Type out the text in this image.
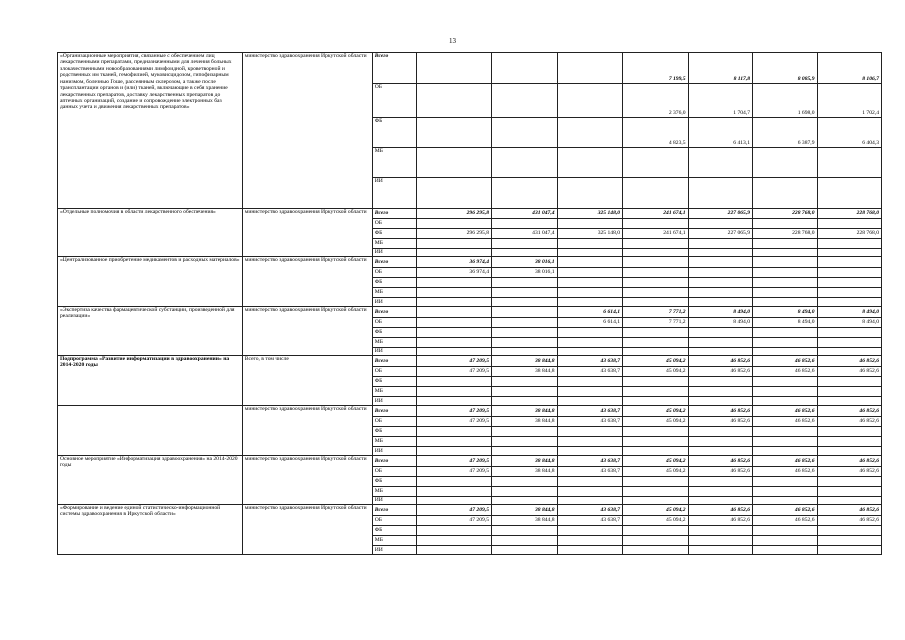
13
«Организационные мероприятия, связанные с обеспечением лиц лекарственными препаратами, предназначенными для лечения больных злокачественными новообразованиями лимфоидной, кроветворной и родственных им тканей, гемофилией, муковисцидозом, гипофизарным нанизмом, болезнью Гоше, рассеянным склерозом, а также после трансплантации органов и (или) тканей, включающие в себя хранение лекарственных препаратов, доставку лекарственных препаратов до аптечных организаций, создание и сопровождение электронных баз данных учета и движения лекарственных препаратов»	министерство здравоохранения Иркутской области	Всего				7 199,5	8 117,8	8 085,9	8 106,7
		ОБ				2 376,0	1 704,7	1 698,0	1 702,4
		ФБ				4 823,5	6 413,1	6 387,9	6 404,3
		МБ							
		ИИ							
«Отдельные полномочия в области лекарственного обеспечения»	министерство здравоохранения Иркутской области	Всего	296 295,8	431 047,4	325 148,0	241 674,1	227 065,9	228 768,0	228 768,0
		ОБ							
		ФБ	296 295,8	431 047,4	325 148,0	241 674,1	227 065,9	228 768,0	228 768,0
		МБ							
		ИИ							
«Централизованное приобретение медикаментов и расходных материалов»	министерство здравоохранения Иркутской области	Всего	36 974,4	38 016,1					
		ОБ	36 974,4	38 016,1					
		ФБ							
		МБ							
		ИИ							
«Экспертиза качества фармацевтической субстанции, произведенной для реализации»	министерство здравоохранения Иркутской области	Всего			6 614,1	7 771,2	8 494,0	8 494,0	8 494,0
		ОБ			6 614,1	7 771,2	8 494,0	8 494,0	8 494,0
		ФБ							
		МБ							
		ИИ							
Подпрограмма «Развитие информатизации в здравоохранении» на 2014-2020 годы	Всего, в том числе	Всего	47 209,5	38 844,8	43 638,7	45 094,2	46 852,6	46 852,6	46 852,6
		ОБ	47 209,5	38 844,8	43 638,7	45 094,2	46 852,6	46 852,6	46 852,6
		ФБ							
		МБ							
		ИИ							
	министерство здравоохранения Иркутской области	Всего	47 209,5	38 844,8	43 638,7	45 094,2	46 852,6	46 852,6	46 852,6
		ОБ	47 209,5	38 844,8	43 638,7	45 094,2	46 852,6	46 852,6	46 852,6
		ФБ							
		МБ							
		ИИ							
Основное мероприятие «Информатизация здравоохранения» на 2014-2020 годы	министерство здравоохранения Иркутской области	Всего	47 209,5	38 844,8	43 638,7	45 094,2	46 852,6	46 852,6	46 852,6
		ОБ	47 209,5	38 844,8	43 638,7	45 094,2	46 852,6	46 852,6	46 852,6
		ФБ							
		МБ							
		ИИ							
«Формирование и ведение единой статистическо-информационной системы здравоохранения в Иркутской области»	министерство здравоохранения Иркутской области	Всего	47 209,5	38 844,8	43 638,7	45 094,2	46 852,6	46 852,6	46 852,6
		ОБ	47 209,5	38 844,8	43 638,7	45 094,2	46 852,6	46 852,6	46 852,6
		ФБ							
		МБ							
		ИИ							
